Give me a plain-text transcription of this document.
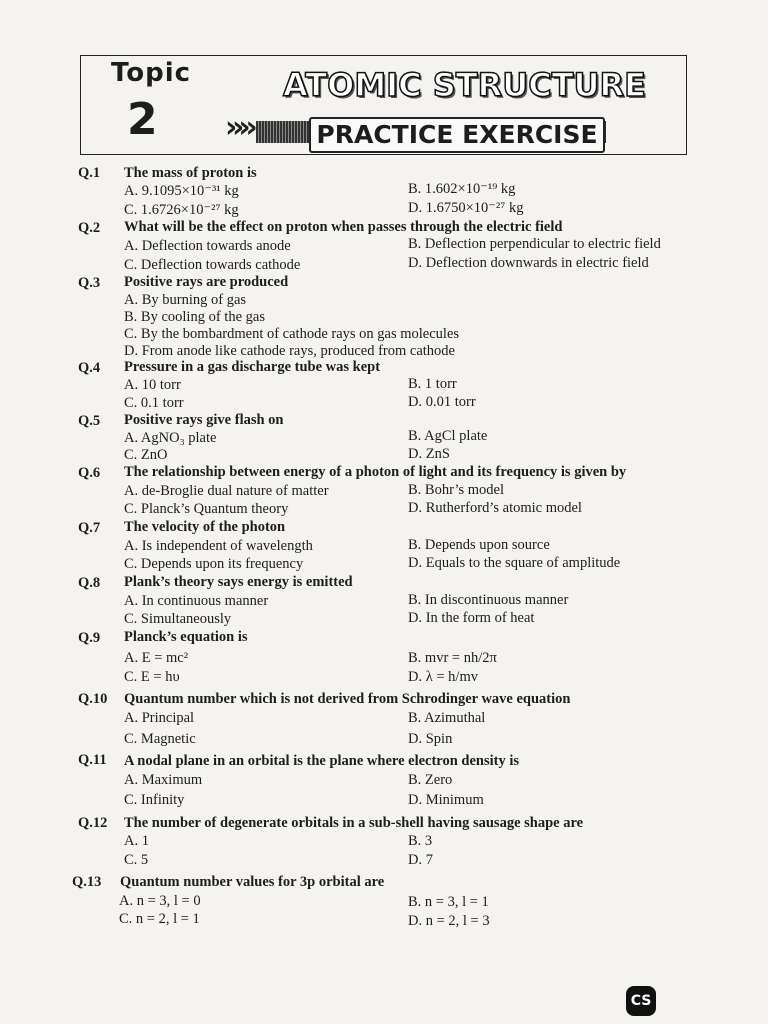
Topic
2
ATOMIC STRUCTURE
»»	PRACTICE EXERCISE
Q.1 The mass of proton is
A. 9.1095×10⁻³¹ kg	B. 1.602×10⁻¹⁹ kg
C. 1.6726×10⁻²⁷ kg	D. 1.6750×10⁻²⁷ kg
Q.2 What will be the effect on proton when passes through the electric field
A. Deflection towards anode	B. Deflection perpendicular to electric field
C. Deflection towards cathode	D. Deflection downwards in electric field
Q.3 Positive rays are produced
A. By burning of gas
B. By cooling of the gas
C. By the bombardment of cathode rays on gas molecules
D. From anode like cathode rays, produced from cathode
Q.4 Pressure in a gas discharge tube was kept
A. 10 torr	B. 1 torr
C. 0.1 torr	D. 0.01 torr
Q.5 Positive rays give flash on
A. AgNO₃ plate	B. AgCl plate
C. ZnO	D. ZnS
Q.6 The relationship between energy of a photon of light and its frequency is given by
A. de-Broglie dual nature of matter	B. Bohr’s model
C. Planck’s Quantum theory	D. Rutherford’s atomic model
Q.7 The velocity of the photon
A. Is independent of wavelength	B. Depends upon source
C. Depends upon its frequency	D. Equals to the square of amplitude
Q.8 Plank’s theory says energy is emitted
A. In continuous manner	B. In discontinuous manner
C. Simultaneously	D. In the form of heat
Q.9 Planck’s equation is
A. E = mc²	B. mvr = nh/2π
C. E = hυ	D. λ = h/mv
Q.10 Quantum number which is not derived from Schrodinger wave equation
A. Principal	B. Azimuthal
C. Magnetic	D. Spin
Q.11 A nodal plane in an orbital is the plane where electron density is
A. Maximum	B. Zero
C. Infinity	D. Minimum
Q.12 The number of degenerate orbitals in a sub-shell having sausage shape are
A. 1	B. 3
C. 5	D. 7
Q.13 Quantum number values for 3p orbital are
A. n = 3, l = 0	B. n = 3, l = 1
C. n = 2, l = 1	D. n = 2, l = 3
CS
